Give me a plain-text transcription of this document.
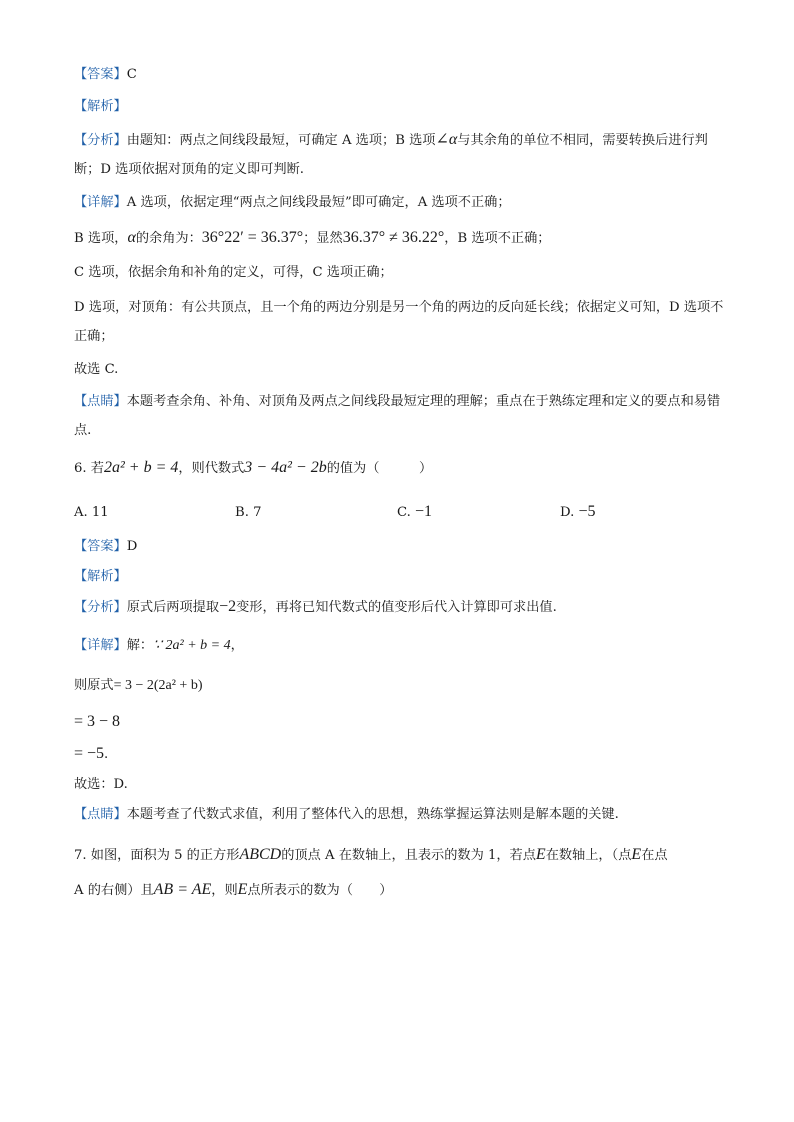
【答案】C
【解析】
【分析】由题知：两点之间线段最短，可确定 A 选项；B 选项∠α与其余角的单位不相同，需要转换后进行判断；D 选项依据对顶角的定义即可判断.
【详解】A 选项，依据定理“两点之间线段最短”即可确定，A 选项不正确；
B 选项，α的余角为：36°22′ = 36.37°；显然36.37° ≠ 36.22°，B 选项不正确；
C 选项，依据余角和补角的定义，可得，C 选项正确；
D 选项，对顶角：有公共顶点，且一个角的两边分别是另一个角的两边的反向延长线；依据定义可知，D 选项不正确；
故选 C.
【点睛】本题考查余角、补角、对顶角及两点之间线段最短定理的理解；重点在于熟练定理和定义的要点和易错点.
6. 若2a² + b = 4，则代数式3 − 4a² − 2b的值为（　　　）
A. 11	B. 7	C. −1	D. −5
【答案】D
【解析】
【分析】原式后两项提取−2变形，再将已知代数式的值变形后代入计算即可求出值.
【详解】解：∵ 2a² + b = 4，
则原式= 3 − 2(2a² + b)
= 3 − 8
= −5.
故选：D.
【点睛】本题考查了代数式求值，利用了整体代入的思想，熟练掌握运算法则是解本题的关键.
7. 如图，面积为 5 的正方形ABCD的顶点 A 在数轴上，且表示的数为 1，若点E在数轴上，（点E在点
A 的右侧）且AB = AE，则E点所表示的数为（　　）
